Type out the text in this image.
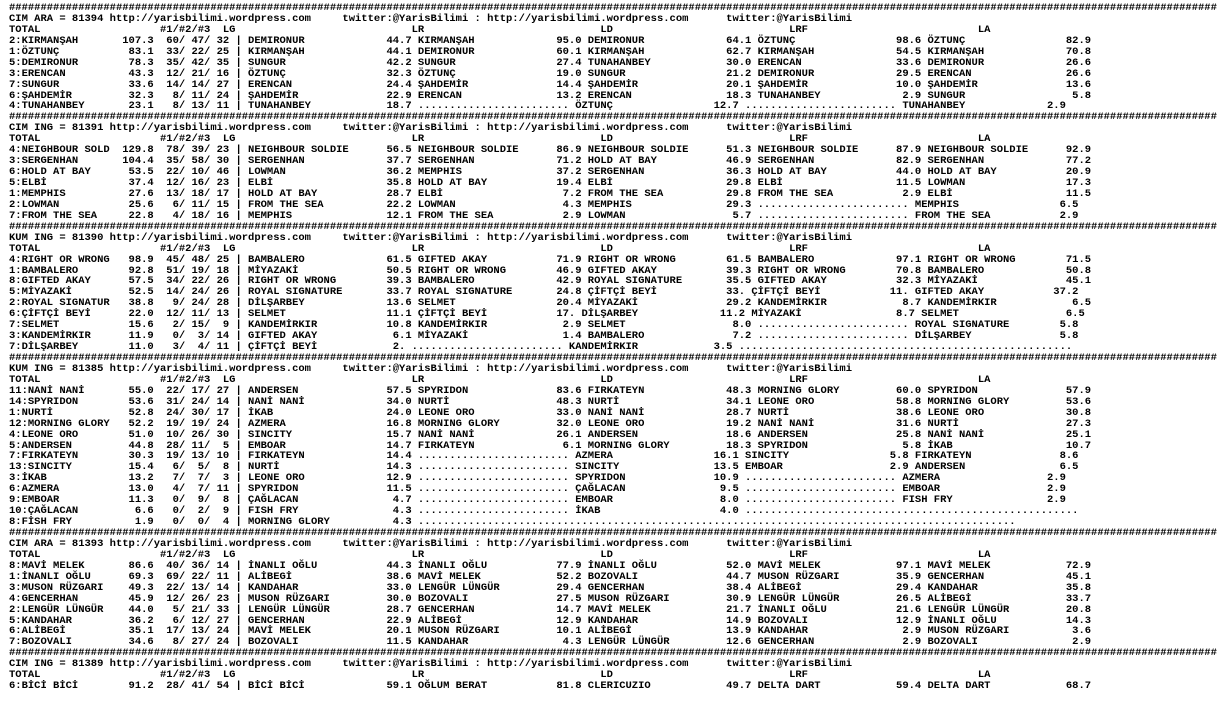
################################################################################################################################################################################################
CIM ARA = 81394 http://yarisbilimi.wordpress.com     twitter:@YarisBilimi : http://yarisbilimi.wordpress.com      twitter:@YarisBilimi
TOTAL                   #1/#2/#3  LG                            LR                            LD                            LRF                           LA
2:KIRMANŞAH       107.3  60/ 47/ 32 | DEMIRONUR             44.7 KIRMANŞAH             95.0 DEMIRONUR             64.1 ÖZTUNÇ                98.6 ÖZTUNÇ                82.9
1:ÖZTUNÇ           83.1  33/ 22/ 25 | KIRMANŞAH             44.1 DEMIRONUR             60.1 KIRMANŞAH             62.7 KIRMANŞAH             54.5 KIRMANŞAH             70.8
5:DEMIRONUR        78.3  35/ 42/ 35 | SUNGUR                42.2 SUNGUR                27.4 TUNAHANBEY            30.0 ERENCAN               33.6 DEMIRONUR             26.6
3:ERENCAN          43.3  12/ 21/ 16 | ÖZTUNÇ                32.3 ÖZTUNÇ                19.0 SUNGUR                21.2 DEMIRONUR             29.5 ERENCAN               26.6
7:SUNGUR           33.6  14/ 14/ 27 | ERENCAN               24.4 ŞAHDEMİR              14.4 ŞAHDEMİR              20.1 ŞAHDEMİR              10.0 ŞAHDEMİR              13.6
6:ŞAHDEMİR         32.3   8/ 11/ 24 | ŞAHDEMİR              22.9 ERENCAN               13.2 ERENCAN               18.3 TUNAHANBEY             2.9 SUNGUR                 5.8
4:TUNAHANBEY       23.1   8/ 13/ 11 | TUNAHANBEY            18.7 ........................ ÖZTUNÇ                12.7 ........................ TUNAHANBEY             2.9
################################################################################################################################################################################################
CIM ING = 81391 http://yarisbilimi.wordpress.com     twitter:@YarisBilimi : http://yarisbilimi.wordpress.com      twitter:@YarisBilimi
TOTAL                   #1/#2/#3  LG                            LR                            LD                            LRF                           LA
4:NEIGHBOUR SOLD  129.8  78/ 39/ 23 | NEIGHBOUR SOLDIE      56.5 NEIGHBOUR SOLDIE      86.9 NEIGHBOUR SOLDIE      51.3 NEIGHBOUR SOLDIE      87.9 NEIGHBOUR SOLDIE      92.9
3:SERGENHAN       104.4  35/ 58/ 30 | SERGENHAN             37.7 SERGENHAN             71.2 HOLD AT BAY           46.9 SERGENHAN             82.9 SERGENHAN             77.2
6:HOLD AT BAY      53.5  22/ 10/ 46 | LOWMAN                36.2 MEMPHIS               37.2 SERGENHAN             36.3 HOLD AT BAY           44.0 HOLD AT BAY           20.9
5:ELBİ             37.4  12/ 16/ 23 | ELBİ                  35.8 HOLD AT BAY           19.4 ELBİ                  29.8 ELBİ                  11.5 LOWMAN                17.3
1:MEMPHIS          27.6  13/ 18/ 17 | HOLD AT BAY           28.7 ELBİ                   7.2 FROM THE SEA          29.8 FROM THE SEA           2.9 ELBİ                  11.5
2:LOWMAN           25.6   6/ 11/ 15 | FROM THE SEA          22.2 LOWMAN                 4.3 MEMPHIS               29.3 ........................ MEMPHIS                6.5
7:FROM THE SEA     22.8   4/ 18/ 16 | MEMPHIS               12.1 FROM THE SEA           2.9 LOWMAN                 5.7 ........................ FROM THE SEA           2.9
################################################################################################################################################################################################
KUM ING = 81390 http://yarisbilimi.wordpress.com     twitter:@YarisBilimi : http://yarisbilimi.wordpress.com      twitter:@YarisBilimi
TOTAL                   #1/#2/#3  LG                            LR                            LD                            LRF                           LA
4:RIGHT OR WRONG   98.9  45/ 48/ 25 | BAMBALERO             61.5 GIFTED AKAY           71.9 RIGHT OR WRONG        61.5 BAMBALERO             97.1 RIGHT OR WRONG        71.5
1:BAMBALERO        92.8  51/ 19/ 18 | MİYAZAKİ              50.5 RIGHT OR WRONG        46.9 GIFTED AKAY           39.3 RIGHT OR WRONG        70.8 BAMBALERO             50.8
8:GIFTED AKAY      57.5  34/ 22/ 26 | RIGHT OR WRONG        39.3 BAMBALERO             42.9 ROYAL SIGNATURE       35.5 GIFTED AKAY           32.3 MİYAZAKİ              45.1
5:MİYAZAKİ         52.5  14/ 24/ 26 | ROYAL SIGNATURE       33.7 ROYAL SIGNATURE       24.8 ÇİFTÇİ BEYİ           33. ÇİFTÇİ BEYİ           11. GIFTED AKAY           37.2
2:ROYAL SIGNATUR   38.8   9/ 24/ 28 | DİLŞARBEY             13.6 SELMET                20.4 MİYAZAKİ              29.2 KANDEMİRKIR            8.7 KANDEMİRKIR            6.5
6:ÇİFTÇİ BEYİ      22.0  12/ 11/ 13 | SELMET                11.1 ÇİFTÇİ BEYİ           17. DİLŞARBEY             11.2 MİYAZAKİ               8.7 SELMET                 6.5
7:SELMET           15.6   2/ 15/  9 | KANDEMİRKIR           10.8 KANDEMİRKIR            2.9 SELMET                 8.0 ........................ ROYAL SIGNATURE        5.8
3:KANDEMİRKIR      11.9   0/  3/ 14 | GIFTED AKAY            6.1 MİYAZAKİ               1.4 BAMBALERO              7.2 ........................ DİLŞARBEY              5.8
7:DİLŞARBEY        11.0   3/  4/ 11 | ÇİFTÇİ BEYİ            2. ........................ KANDEMİRKIR            3.5 .....................................................
################################################################################################################################################################################################
KUM ING = 81385 http://yarisbilimi.wordpress.com     twitter:@YarisBilimi : http://yarisbilimi.wordpress.com      twitter:@YarisBilimi
TOTAL                   #1/#2/#3  LG                            LR                            LD                            LRF                           LA
11:NANİ NANİ       55.0  22/ 17/ 27 | ANDERSEN              57.5 SPYRIDON              83.6 FIRKATEYN             48.3 MORNING GLORY         60.0 SPYRIDON              57.9
14:SPYRIDON        53.6  31/ 24/ 14 | NANİ NANİ             34.0 NURTİ                 48.3 NURTİ                 34.1 LEONE ORO             58.8 MORNING GLORY         53.6
1:NURTİ            52.8  24/ 30/ 17 | İKAB                  24.0 LEONE ORO             33.0 NANİ NANİ             28.7 NURTİ                 38.6 LEONE ORO             30.8
12:MORNING GLORY   52.2  19/ 19/ 24 | AZMERA                16.8 MORNING GLORY         32.0 LEONE ORO             19.2 NANİ NANİ             31.6 NURTİ                 27.3
4:LEONE ORO        51.0  10/ 26/ 30 | SINCITY               15.7 NANİ NANİ             26.1 ANDERSEN              18.6 ANDERSEN              25.8 NANİ NANİ             25.1
5:ANDERSEN         44.8  28/ 11/  5 | EMBOAR                14.7 FIRKATEYN              6.1 MORNING GLORY         18.3 SPYRIDON               5.8 İKAB                  10.7
7:FIRKATEYN        30.3  19/ 13/ 10 | FIRKATEYN             14.4 ........................ AZMERA                16.1 SINCITY                5.8 FIRKATEYN              8.6
13:SINCITY         15.4   6/  5/  8 | NURTİ                 14.3 ........................ SINCITY               13.5 EMBOAR                 2.9 ANDERSEN               6.5
3:İKAB             13.2   7/  7/  3 | LEONE ORO             12.9 ........................ SPYRIDON              10.9 ........................ AZMERA                 2.9
6:AZMERA           13.0   4/  7/ 11 | SPYRIDON              11.5 ........................ ÇAĞLACAN               9.5 ........................ EMBOAR                 2.9
9:EMBOAR           11.3   0/  9/  8 | ÇAĞLACAN               4.7 ........................ EMBOAR                 8.0 ........................ FISH FRY               2.9
10:ÇAĞLACAN         6.6   0/  2/  9 | FISH FRY               4.3 ........................ İKAB                   4.0 .....................................................
8:FİSH FRY          1.9   0/  0/  4 | MORNING GLORY          4.3 ...............................................................................................
################################################################################################################################################################################################
CIM ARA = 81393 http://yarisbilimi.wordpress.com     twitter:@YarisBilimi : http://yarisbilimi.wordpress.com      twitter:@YarisBilimi
TOTAL                   #1/#2/#3  LG                            LR                            LD                            LRF                           LA
8:MAVİ MELEK       86.6  40/ 36/ 14 | İNANLI OĞLU           44.3 İNANLI OĞLU           77.9 İNANLI OĞLU           52.0 MAVİ MELEK            97.1 MAVİ MELEK            72.9
1:İNANLI OĞLU      69.3  69/ 22/ 11 | ALİBEGİ               38.6 MAVİ MELEK            52.2 BOZOVALI              44.7 MUSON RÜZGARI         35.9 GENCERHAN             45.1
3:MUSON RÜZGARI    49.3  22/ 13/ 14 | KANDAHAR              33.0 LENGÜR LÜNGÜR         29.4 GENCERHAN             38.4 ALİBEGİ               29.4 KANDAHAR              35.8
4:GENCERHAN        45.9  12/ 26/ 23 | MUSON RÜZGARI         30.0 BOZOVALI              27.5 MUSON RÜZGARI         30.9 LENGÜR LÜNGÜR         26.5 ALİBEGİ               33.7
2:LENGÜR LÜNGÜR    44.0   5/ 21/ 33 | LENGÜR LÜNGÜR         28.7 GENCERHAN             14.7 MAVİ MELEK            21.7 İNANLI OĞLU           21.6 LENGÜR LÜNGÜR         20.8
5:KANDAHAR         36.2   6/ 12/ 27 | GENCERHAN             22.9 ALİBEGİ               12.9 KANDAHAR              14.9 BOZOVALI              12.9 İNANLI OĞLU           14.3
6:ALİBEGİ          35.1  17/ 13/ 24 | MAVİ MELEK            20.1 MUSON RÜZGARI         10.1 ALİBEGİ               13.9 KANDAHAR               2.9 MUSON RÜZGARI          3.6
7:BOZOVALI         34.6   8/ 27/ 24 | BOZOVALI              11.5 KANDAHAR               4.3 LENGÜR LÜNGÜR         12.6 GENCERHAN              2.9 BOZOVALI               2.9
################################################################################################################################################################################################
CIM ING = 81389 http://yarisbilimi.wordpress.com     twitter:@YarisBilimi : http://yarisbilimi.wordpress.com      twitter:@YarisBilimi
TOTAL                   #1/#2/#3  LG                            LR                            LD                            LRF                           LA
6:BİCİ BİCİ        91.2  28/ 41/ 54 | BİCİ BİCİ             59.1 OĞLUM BERAT           81.8 CLERICUZIO            49.7 DELTA DART            59.4 DELTA DART            68.7
